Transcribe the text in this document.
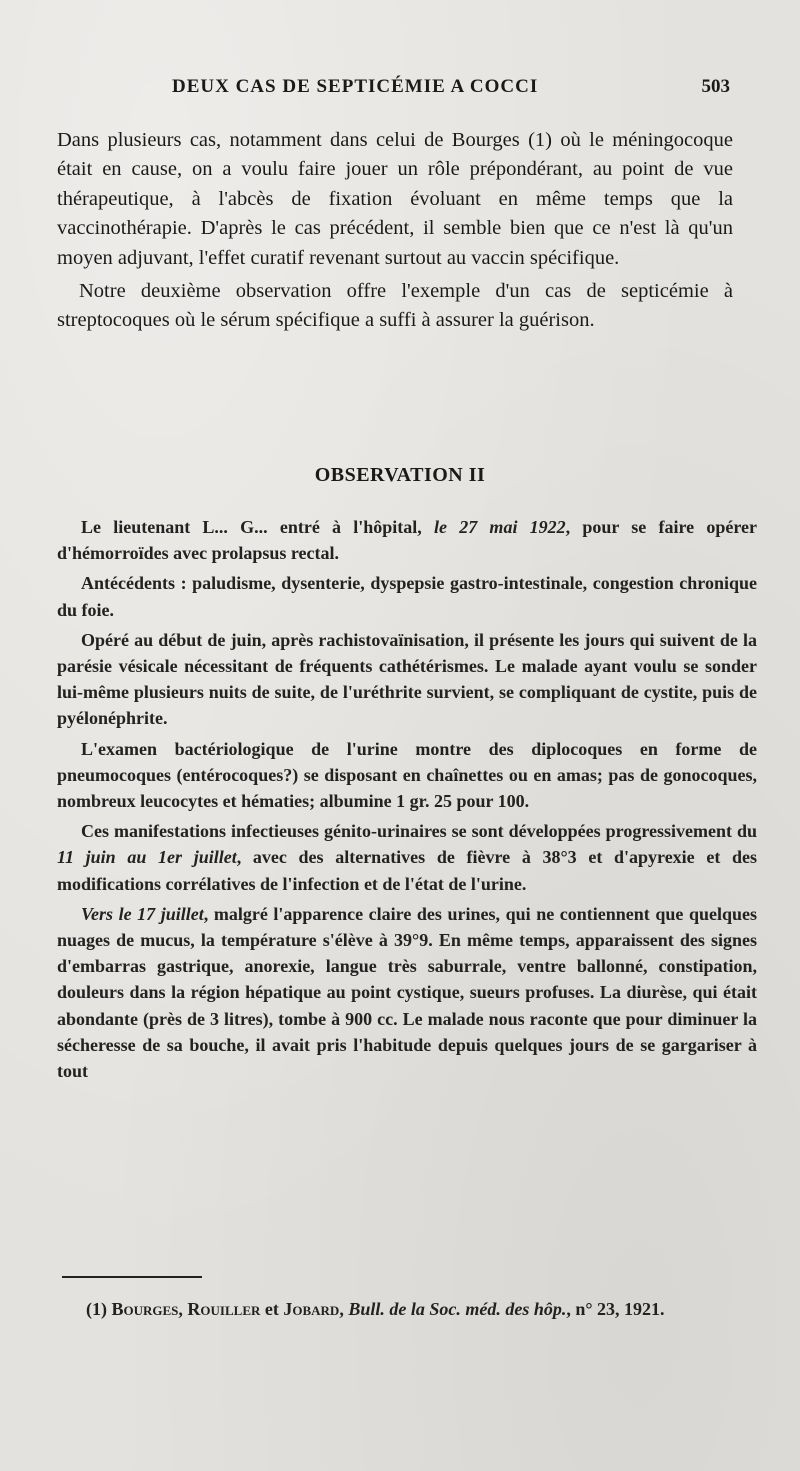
DEUX CAS DE SEPTICÉMIE A COCCI	503

Dans plusieurs cas, notamment dans celui de Bourges (1) où le méningocoque était en cause, on a voulu faire jouer un rôle prépondérant, au point de vue thérapeutique, à l'abcès de fixation évoluant en même temps que la vaccinothérapie. D'après le cas précédent, il semble bien que ce n'est là qu'un moyen adjuvant, l'effet curatif revenant surtout au vaccin spécifique.

Notre deuxième observation offre l'exemple d'un cas de septicémie à streptocoques où le sérum spécifique a suffi à assurer la guérison.

OBSERVATION II

Le lieutenant L... G... entré à l'hôpital, le 27 mai 1922, pour se faire opérer d'hémorroïdes avec prolapsus rectal.

Antécédents : paludisme, dysenterie, dyspepsie gastro-intestinale, congestion chronique du foie.

Opéré au début de juin, après rachistovaïnisation, il présente les jours qui suivent de la parésie vésicale nécessitant de fréquents cathétérismes. Le malade ayant voulu se sonder lui-même plusieurs nuits de suite, de l'uréthrite survient, se compliquant de cystite, puis de pyélonéphrite.

L'examen bactériologique de l'urine montre des diplocoques en forme de pneumocoques (entérocoques?) se disposant en chaînettes ou en amas; pas de gonocoques, nombreux leucocytes et hématies; albumine 1 gr. 25 pour 100.

Ces manifestations infectieuses génito-urinaires se sont développées progressivement du 11 juin au 1er juillet, avec des alternatives de fièvre à 38°3 et d'apyrexie et des modifications corrélatives de l'infection et de l'état de l'urine.

Vers le 17 juillet, malgré l'apparence claire des urines, qui ne contiennent que quelques nuages de mucus, la température s'élève à 39°9. En même temps, apparaissent des signes d'embarras gastrique, anorexie, langue très saburrale, ventre ballonné, constipation, douleurs dans la région hépatique au point cystique, sueurs profuses. La diurèse, qui était abondante (près de 3 litres), tombe à 900 cc. Le malade nous raconte que pour diminuer la sécheresse de sa bouche, il avait pris l'habitude depuis quelques jours de se gargariser à tout

(1) Bourges, Rouiller et Jobard, Bull. de la Soc. méd. des hôp., n° 23, 1921.
